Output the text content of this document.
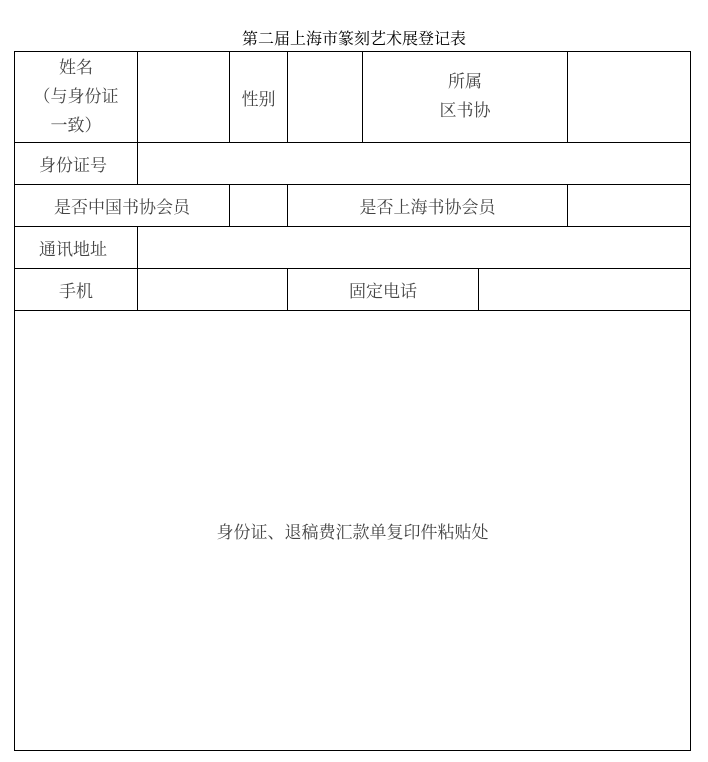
第二届上海市篆刻艺术展登记表
姓名
（与身份证
一致）
性别
所属
区书协
身份证号
是否中国书协会员	是否上海书协会员
通讯地址
手机	固定电话
身份证、退稿费汇款单复印件粘贴处
